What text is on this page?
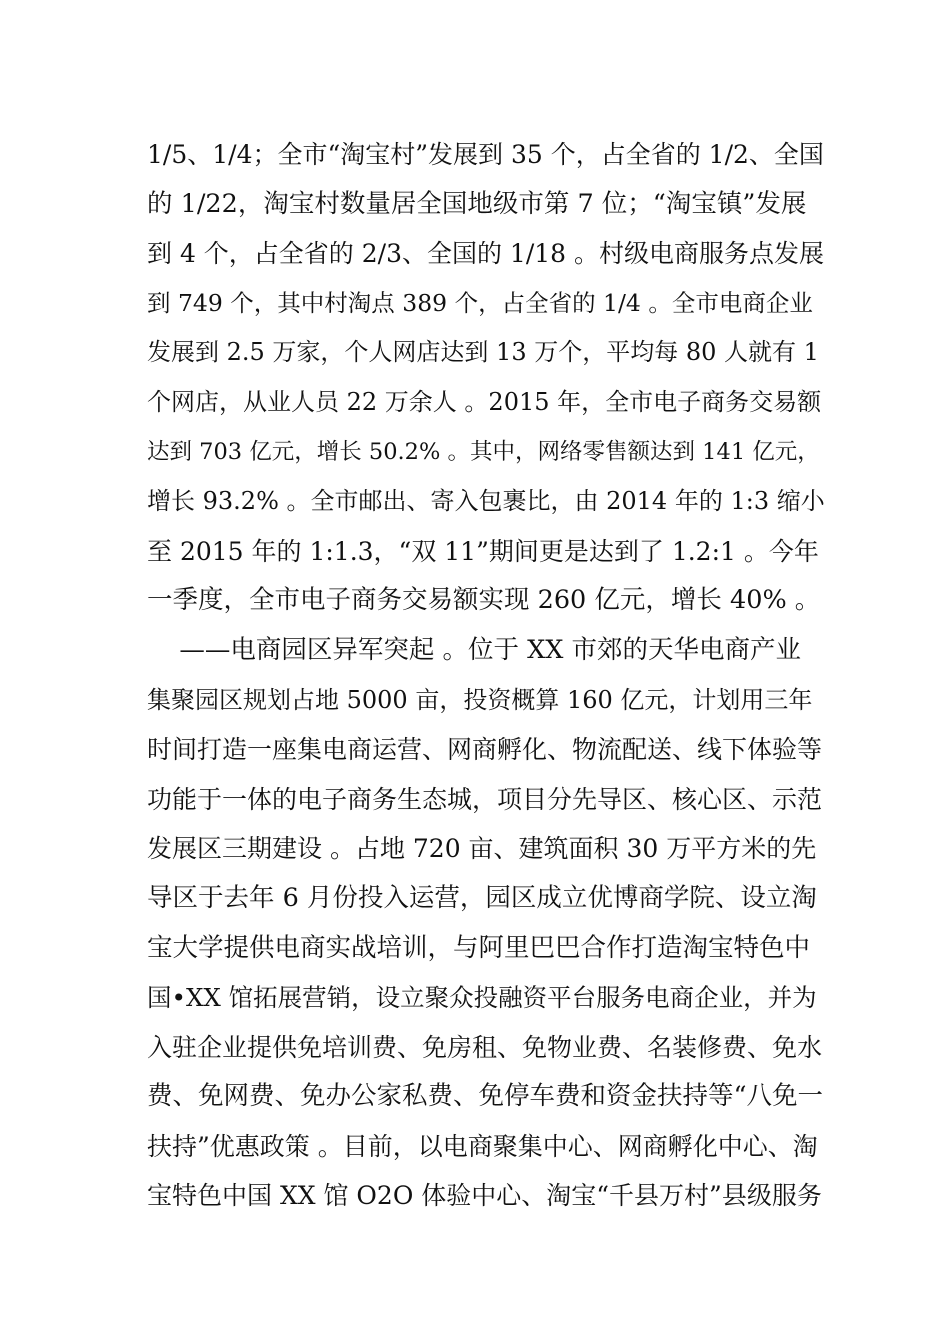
1/5、1/4；全市“淘宝村”发展到 35 个，占全省的 1/2、全国
的 1/22，淘宝村数量居全国地级市第 7 位；“淘宝镇”发展
到 4 个，占全省的 2/3、全国的 1/18 。村级电商服务点发展
到 749 个，其中村淘点 389 个，占全省的 1/4 。全市电商企业
发展到 2.5 万家，个人网店达到 13 万个，平均每 80 人就有 1
个网店，从业人员 22 万余人 。2015 年，全市电子商务交易额
达到 703 亿元，增长 50.2% 。其中，网络零售额达到 141 亿元，
增长 93.2% 。全市邮出、寄入包裹比，由 2014 年的 1:3 缩小
至 2015 年的 1:1.3，“双 11”期间更是达到了 1.2:1 。今年
一季度，全市电子商务交易额实现 260 亿元，增长 40% 。
——电商园区异军突起 。位于 XX 市郊的天华电商产业
集聚园区规划占地 5000 亩，投资概算 160 亿元，计划用三年
时间打造一座集电商运营、网商孵化、物流配送、线下体验等
功能于一体的电子商务生态城，项目分先导区、核心区、示范
发展区三期建设 。占地 720 亩、建筑面积 30 万平方米的先
导区于去年 6 月份投入运营，园区成立优博商学院、设立淘
宝大学提供电商实战培训，与阿里巴巴合作打造淘宝特色中
国•XX 馆拓展营销，设立聚众投融资平台服务电商企业，并为
入驻企业提供免培训费、免房租、免物业费、名装修费、免水
费、免网费、免办公家私费、免停车费和资金扶持等“八免一
扶持”优惠政策 。目前，以电商聚集中心、网商孵化中心、淘
宝特色中国 XX 馆 O2O 体验中心、淘宝“千县万村”县级服务
